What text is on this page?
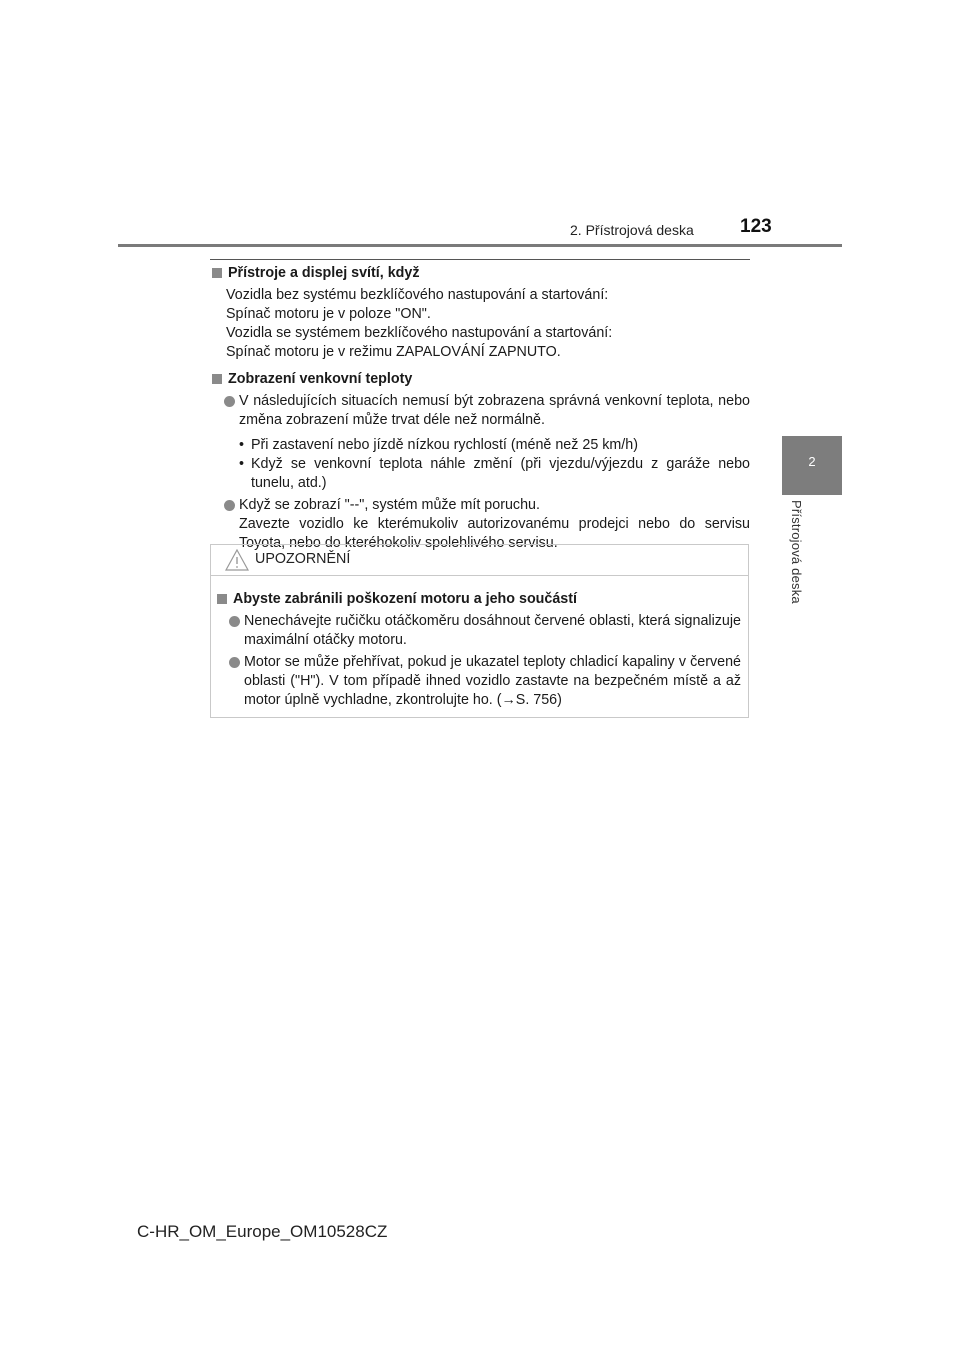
2. Přístrojová deska 123
2
Přístrojová deska
Přístroje a displej svítí, když
Vozidla bez systému bezklíčového nastupování a startování:
Spínač motoru je v poloze "ON".
Vozidla se systémem bezklíčového nastupování a startování:
Spínač motoru je v režimu ZAPALOVÁNÍ ZAPNUTO.
Zobrazení venkovní teploty
V následujících situacích nemusí být zobrazena správná venkovní teplota, nebo změna zobrazení může trvat déle než normálně.
• Při zastavení nebo jízdě nízkou rychlostí (méně než 25 km/h)
• Když se venkovní teplota náhle změní (při vjezdu/výjezdu z garáže nebo tunelu, atd.)
Když se zobrazí "--", systém může mít poruchu.
Zavezte vozidlo ke kterémukoliv autorizovanému prodejci nebo do servisu Toyota, nebo do kteréhokoliv spolehlivého servisu.
UPOZORNĚNÍ
Abyste zabránili poškození motoru a jeho součástí
Nenechávejte ručičku otáčkoměru dosáhnout červené oblasti, která signalizuje maximální otáčky motoru.
Motor se může přehřívat, pokud je ukazatel teploty chladicí kapaliny v červené oblasti ("H"). V tom případě ihned vozidlo zastavte na bezpečném místě a až motor úplně vychladne, zkontrolujte ho. (→S. 756)
C-HR_OM_Europe_OM10528CZ
